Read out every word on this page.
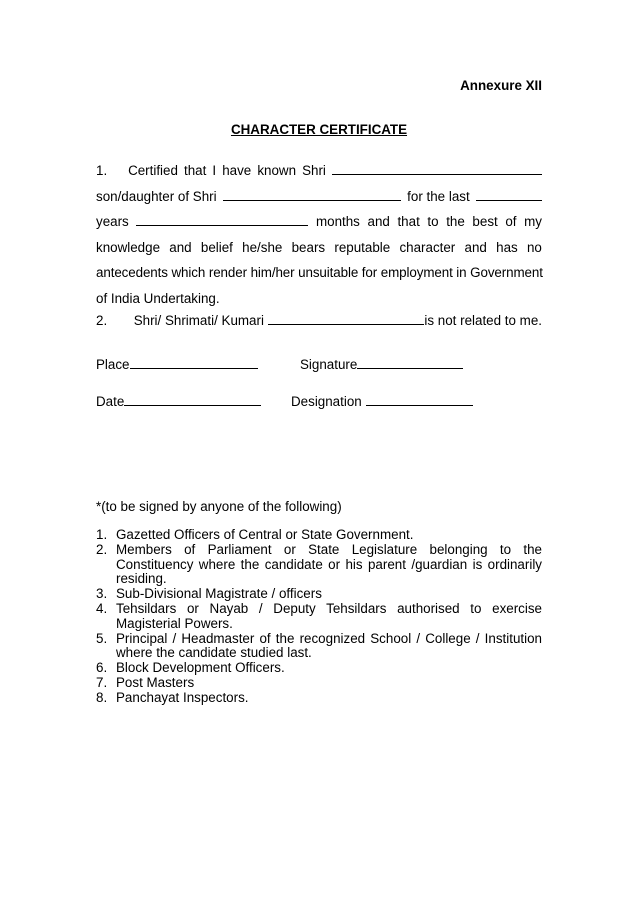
Annexure XII
CHARACTER CERTIFICATE
1.	Certified that I have known Shri
son/daughter of Shri	for the last
years	months and that to the best of my
knowledge and belief he/she bears reputable character and has no
antecedents which render him/her unsuitable for employment in Government
of India Undertaking.
2.	Shri/ Shrimati/ Kumari	is not related to me.
Place	Signature
Date	Designation
*(to be signed by anyone of the following)
1. Gazetted Officers of Central or State Government.
2. Members of Parliament or State Legislature belonging to the Constituency where the candidate or his parent /guardian is ordinarily residing.
3. Sub-Divisional Magistrate / officers
4. Tehsildars or Nayab / Deputy Tehsildars authorised to exercise Magisterial Powers.
5. Principal / Headmaster of the recognized School / College / Institution where the candidate studied last.
6. Block Development Officers.
7. Post Masters
8. Panchayat Inspectors.
